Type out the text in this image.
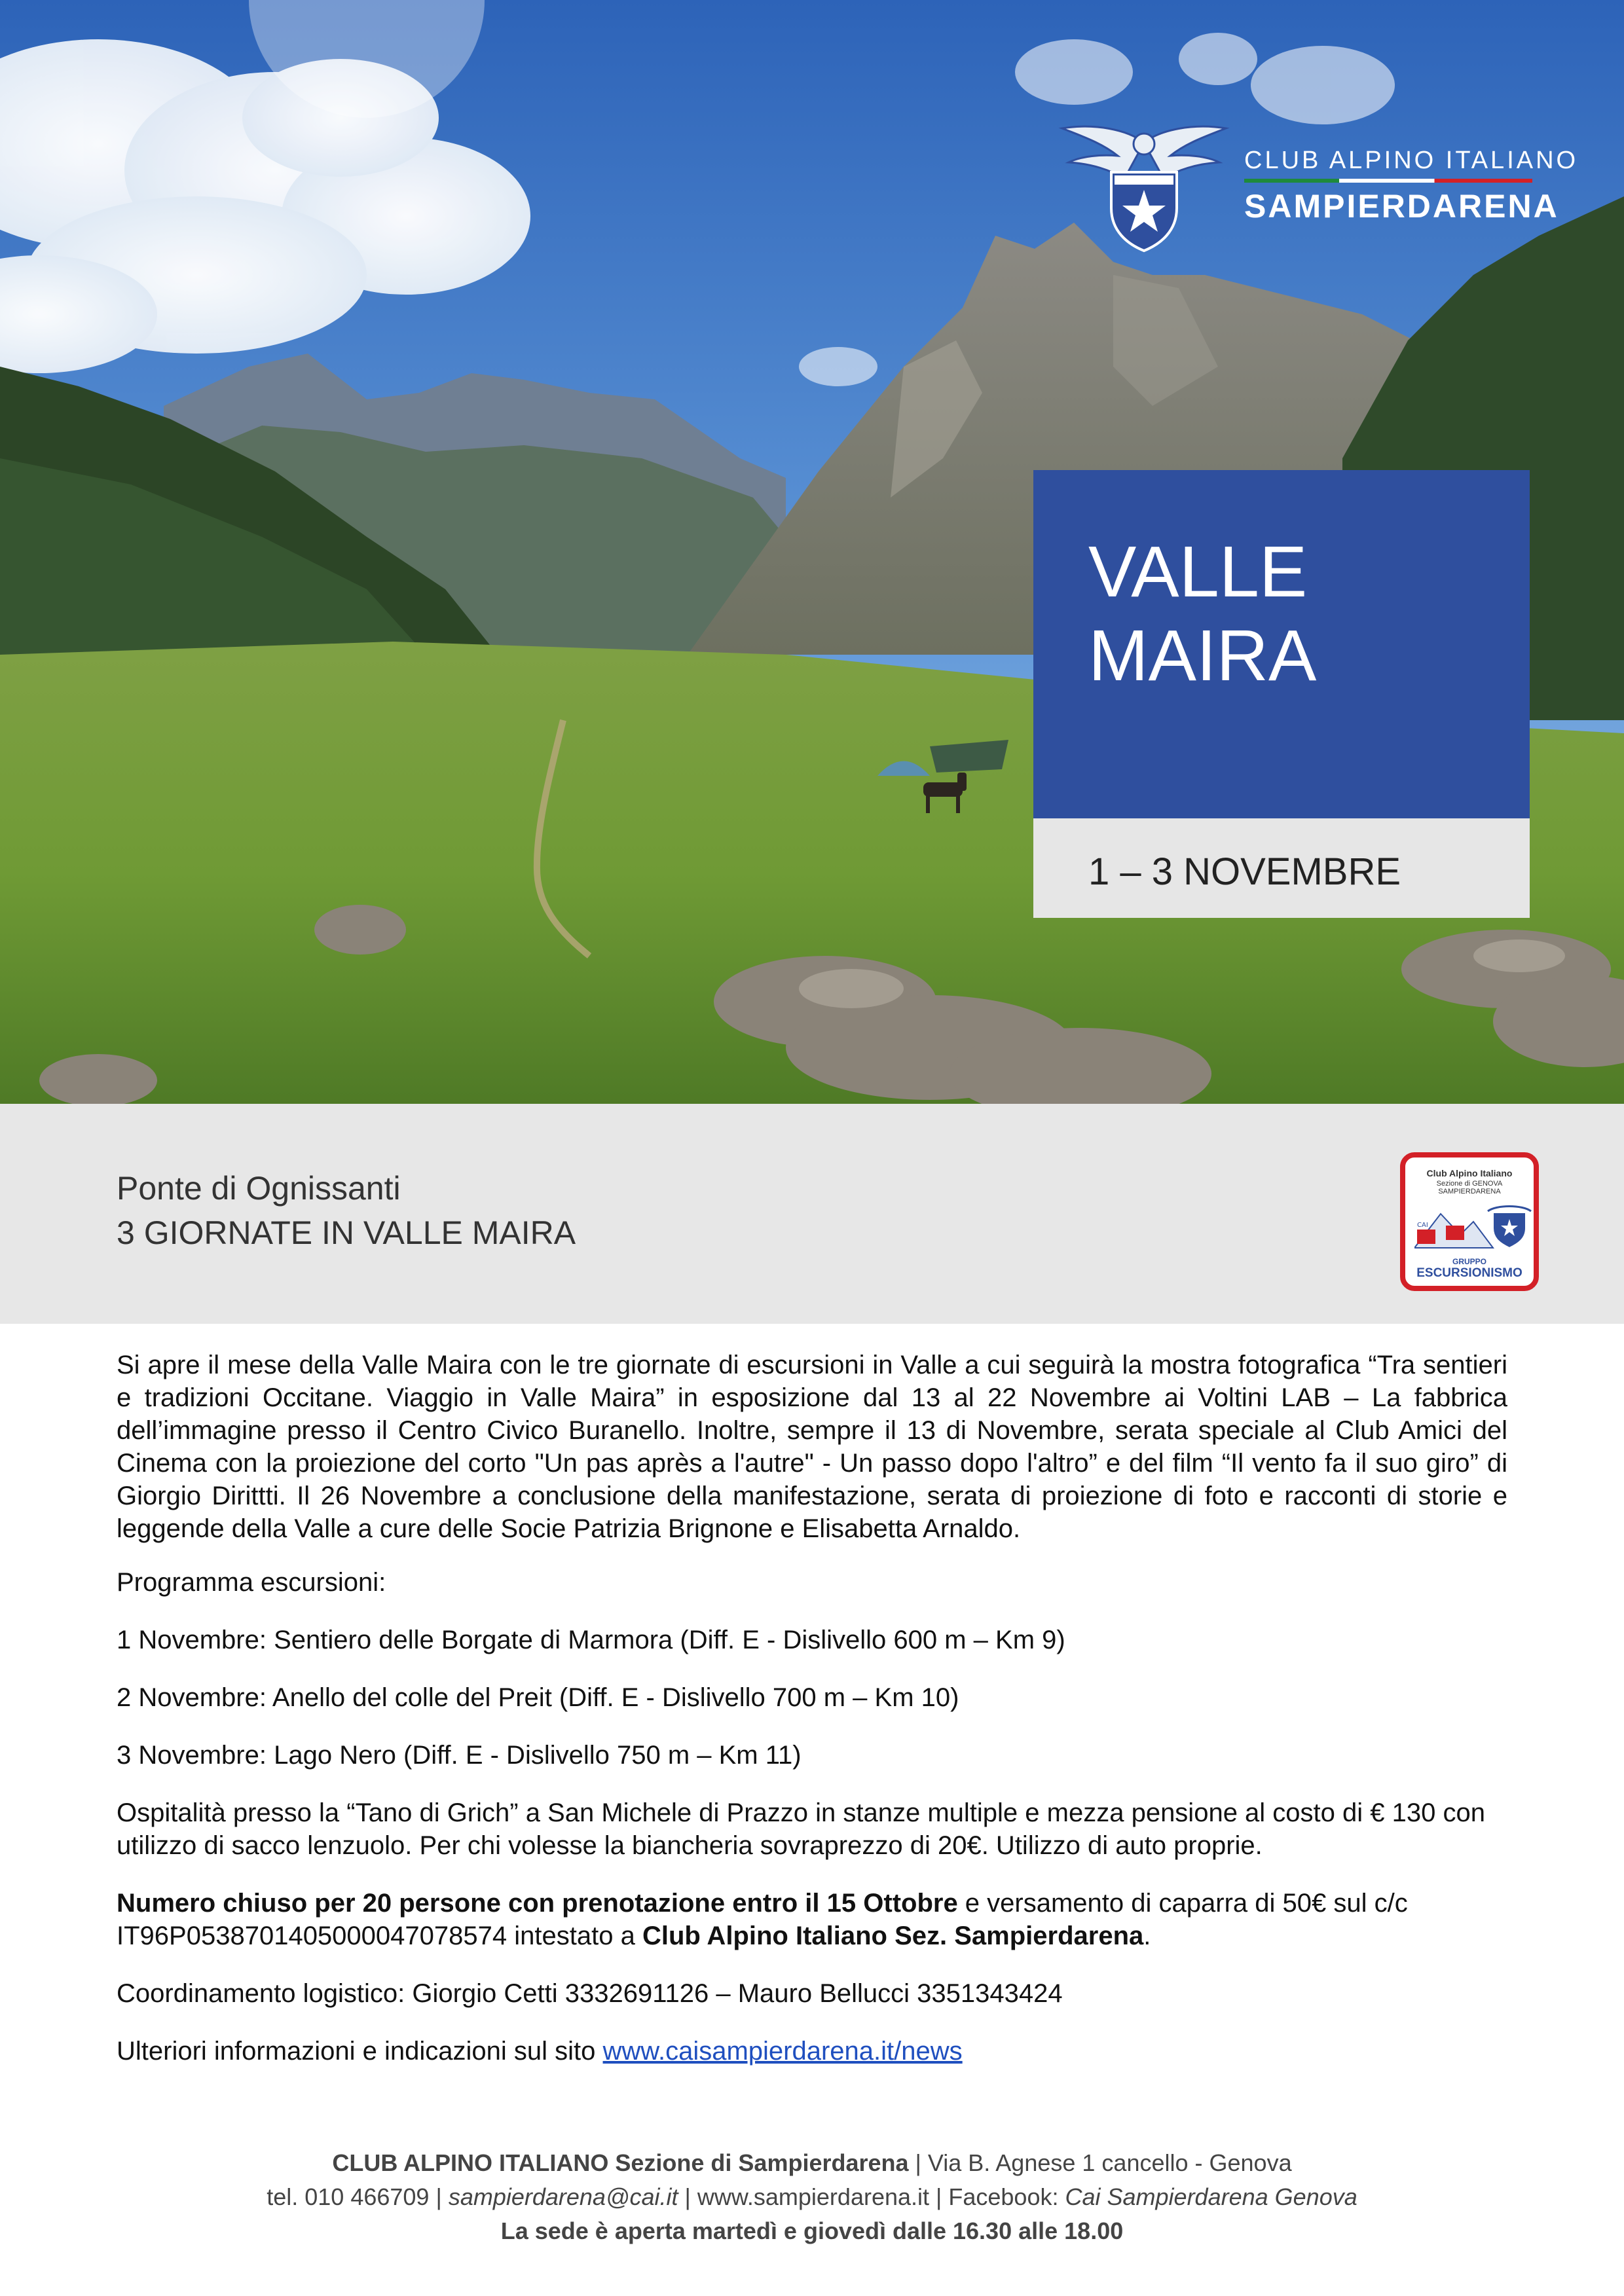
CLUB ALPINO ITALIANO
SAMPIERDARENA
VALLE
MAIRA
1 – 3 NOVEMBRE
Ponte di Ognissanti
3 GIORNATE IN VALLE MAIRA
Club Alpino Italiano
Sezione di GENOVA
SAMPIERDARENA
CAI
GRUPPO
ESCURSIONISMO

Si apre il mese della Valle Maira con le tre giornate di escursioni in Valle a cui seguirà la mostra fotografica “Tra sentieri e tradizioni Occitane. Viaggio in Valle Maira” in esposizione dal 13 al 22 Novembre ai Voltini LAB – La fabbrica dell’immagine presso il Centro Civico Buranello. Inoltre, sempre il 13 di Novembre, serata speciale al Club Amici del Cinema con la proiezione del corto "Un pas après a l'autre" - Un passo dopo l'altro” e del film “Il vento fa il suo giro” di Giorgio Dirittti. Il 26 Novembre a conclusione della manifestazione, serata di proiezione di foto e racconti di storie e leggende della Valle a cure delle Socie Patrizia Brignone e Elisabetta Arnaldo.

Programma escursioni:

1 Novembre: Sentiero delle Borgate di Marmora (Diff. E - Dislivello 600 m – Km 9)

2 Novembre: Anello del colle del Preit (Diff. E - Dislivello 700 m – Km 10)

3 Novembre: Lago Nero (Diff. E - Dislivello 750 m – Km 11)

Ospitalità presso la “Tano di Grich” a San Michele di Prazzo in stanze multiple e mezza pensione al costo di € 130 con utilizzo di sacco lenzuolo. Per chi volesse la biancheria sovraprezzo di 20€. Utilizzo di auto proprie.

Numero chiuso per 20 persone con prenotazione entro il 15 Ottobre e versamento di caparra di 50€ sul c/c IT96P0538701405000047078574 intestato a Club Alpino Italiano Sez. Sampierdarena.

Coordinamento logistico: Giorgio Cetti 3332691126 – Mauro Bellucci 3351343424

Ulteriori informazioni e indicazioni sul sito www.caisampierdarena.it/news

CLUB ALPINO ITALIANO Sezione di Sampierdarena | Via B. Agnese 1 cancello - Genova
tel. 010 466709 | sampierdarena@cai.it | www.sampierdarena.it | Facebook: Cai Sampierdarena Genova
La sede è aperta martedì e giovedì dalle 16.30 alle 18.00
